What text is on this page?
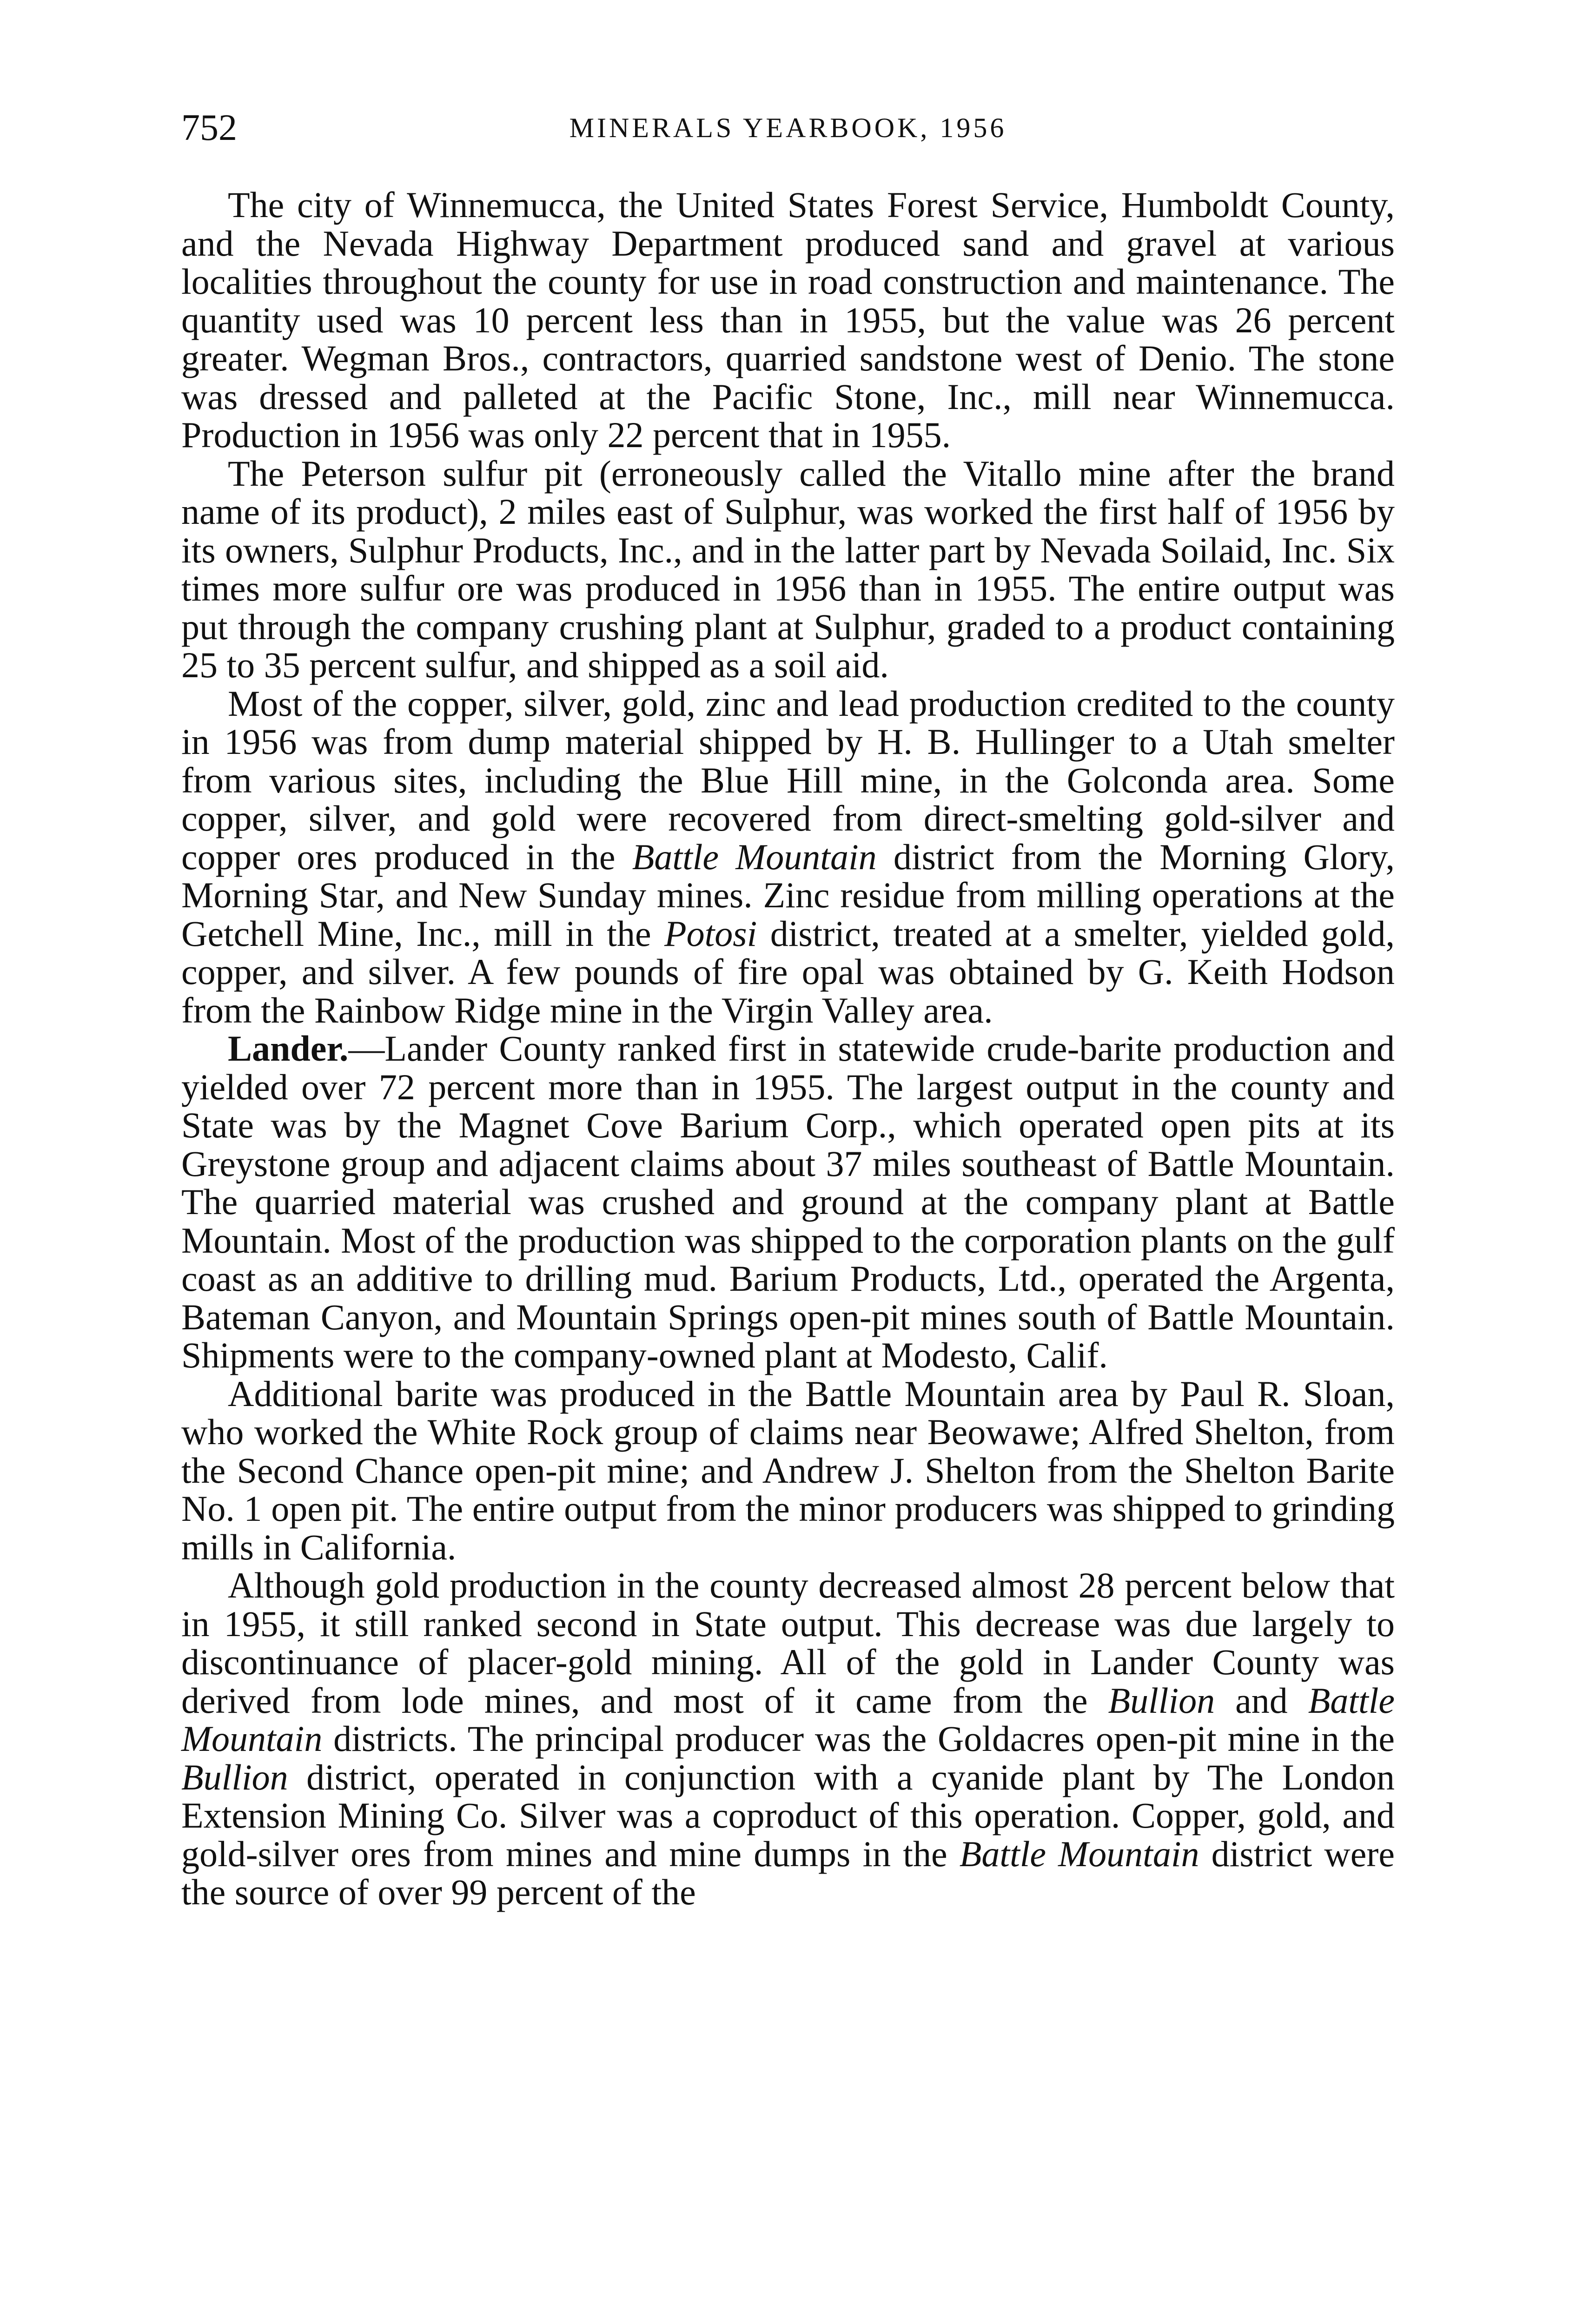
752	MINERALS YEARBOOK, 1956

The city of Winnemucca, the United States Forest Service, Humboldt County, and the Nevada Highway Department produced sand and gravel at various localities throughout the county for use in road construction and maintenance. The quantity used was 10 percent less than in 1955, but the value was 26 percent greater. Wegman Bros., contractors, quarried sandstone west of Denio. The stone was dressed and palleted at the Pacific Stone, Inc., mill near Winnemucca. Production in 1956 was only 22 percent that in 1955.

The Peterson sulfur pit (erroneously called the Vitallo mine after the brand name of its product), 2 miles east of Sulphur, was worked the first half of 1956 by its owners, Sulphur Products, Inc., and in the latter part by Nevada Soilaid, Inc. Six times more sulfur ore was produced in 1956 than in 1955. The entire output was put through the company crushing plant at Sulphur, graded to a product containing 25 to 35 percent sulfur, and shipped as a soil aid.

Most of the copper, silver, gold, zinc and lead production credited to the county in 1956 was from dump material shipped by H. B. Hullinger to a Utah smelter from various sites, including the Blue Hill mine, in the Golconda area. Some copper, silver, and gold were recovered from direct-smelting gold-silver and copper ores produced in the Battle Mountain district from the Morning Glory, Morning Star, and New Sunday mines. Zinc residue from milling operations at the Getchell Mine, Inc., mill in the Potosi district, treated at a smelter, yielded gold, copper, and silver. A few pounds of fire opal was obtained by G. Keith Hodson from the Rainbow Ridge mine in the Virgin Valley area.

Lander.—Lander County ranked first in statewide crude-barite production and yielded over 72 percent more than in 1955. The largest output in the county and State was by the Magnet Cove Barium Corp., which operated open pits at its Greystone group and adjacent claims about 37 miles southeast of Battle Mountain. The quarried material was crushed and ground at the company plant at Battle Mountain. Most of the production was shipped to the corporation plants on the gulf coast as an additive to drilling mud. Barium Products, Ltd., operated the Argenta, Bateman Canyon, and Mountain Springs open-pit mines south of Battle Mountain. Shipments were to the company-owned plant at Modesto, Calif.

Additional barite was produced in the Battle Mountain area by Paul R. Sloan, who worked the White Rock group of claims near Beowawe; Alfred Shelton, from the Second Chance open-pit mine; and Andrew J. Shelton from the Shelton Barite No. 1 open pit. The entire output from the minor producers was shipped to grinding mills in California.

Although gold production in the county decreased almost 28 percent below that in 1955, it still ranked second in State output. This decrease was due largely to discontinuance of placer-gold mining. All of the gold in Lander County was derived from lode mines, and most of it came from the Bullion and Battle Mountain districts. The principal producer was the Goldacres open-pit mine in the Bullion district, operated in conjunction with a cyanide plant by The London Extension Mining Co. Silver was a coproduct of this operation. Copper, gold, and gold-silver ores from mines and mine dumps in the Battle Mountain district were the source of over 99 percent of the
